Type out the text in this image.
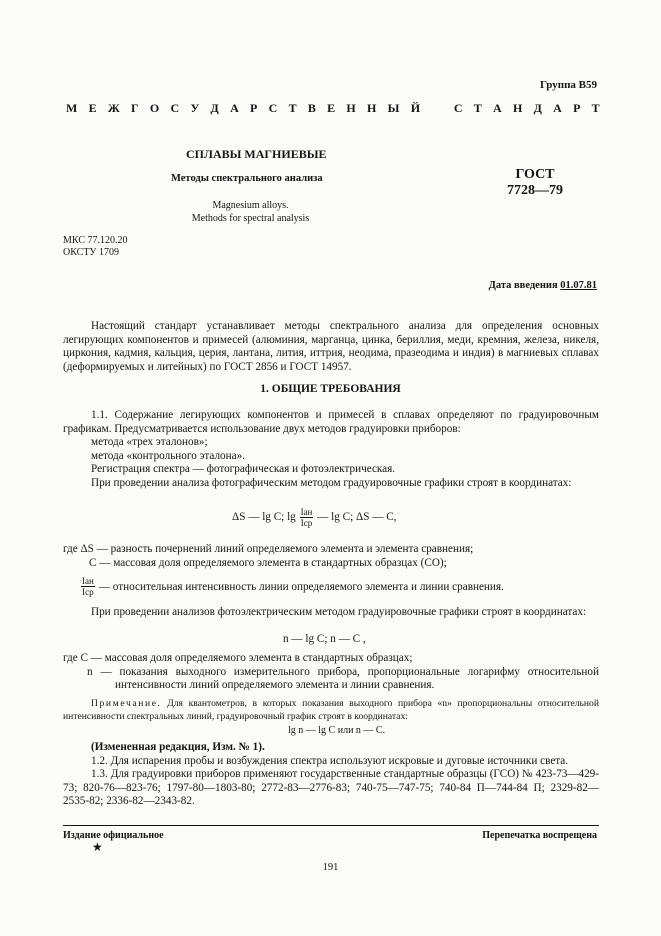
Группа В59
М Е Ж Г О С У Д А Р С Т В Е Н Н Ы Й	С Т А Н Д А Р Т
СПЛАВЫ МАГНИЕВЫЕ
Методы спектрального анализа
Magnesium alloys.
Methods for spectral analysis
ГОСТ
7728—79
МКС 77.120.20
ОКСТУ 1709
Дата введения 01.07.81
Настоящий стандарт устанавливает методы спектрального анализа для определения основных легирующих компонентов и примесей (алюминия, марганца, цинка, бериллия, меди, кремния, железа, никеля, циркония, кадмия, кальция, церия, лантана, лития, иттрия, неодима, празеодима и индия) в магниевых сплавах (деформируемых и литейных) по ГОСТ 2856 и ГОСТ 14957.
1. ОБЩИЕ ТРЕБОВАНИЯ
1.1. Содержание легирующих компонентов и примесей в сплавах определяют по градуировочным графикам. Предусматривается использование двух методов градуировки приборов:
метода «трех эталонов»;
метода «контрольного эталона».
Регистрация спектра — фотографическая и фотоэлектрическая.
При проведении анализа фотографическим методом градуировочные графики строят в координатах:
ΔS — lg C; $\lg \frac{\text{Iан}}{\text{Iср}}$ — lg C; ΔS — C,
где ΔS — разность почернений линий определяемого элемента и элемента сравнения;
C — массовая доля определяемого элемента в стандартных образцах (СО);
$\frac{\text{Iан}}{\text{Iср}}$ — относительная интенсивность линии определяемого элемента и линии сравнения.
При проведении анализов фотоэлектрическим методом градуировочные графики строят в координатах:
n — lg C; n — C ,
где C — массовая доля определяемого элемента в стандартных образцах;
n — показания выходного измерительного прибора, пропорциональные логарифму относительной интенсивности линий определяемого элемента и линии сравнения.
Примечание. Для квантометров, в которых показания выходного прибора «n» пропорциональны относительной интенсивности спектральных линий, градуировочный график строят в координатах:
lg n — lg C или n — C.
(Измененная редакция, Изм. № 1).
1.2. Для испарения пробы и возбуждения спектра используют искровые и дуговые источники света.
1.3. Для градуировки приборов применяют государственные стандартные образцы (ГСО) № 423-73—429-73; 820-76—823-76; 1797-80—1803-80; 2772-83—2776-83; 740-75—747-75; 740-84 П—744-84 П; 2329-82—2535-82; 2336-82—2343-82.
Издание официальное	Перепечатка воспрещена
★
191
